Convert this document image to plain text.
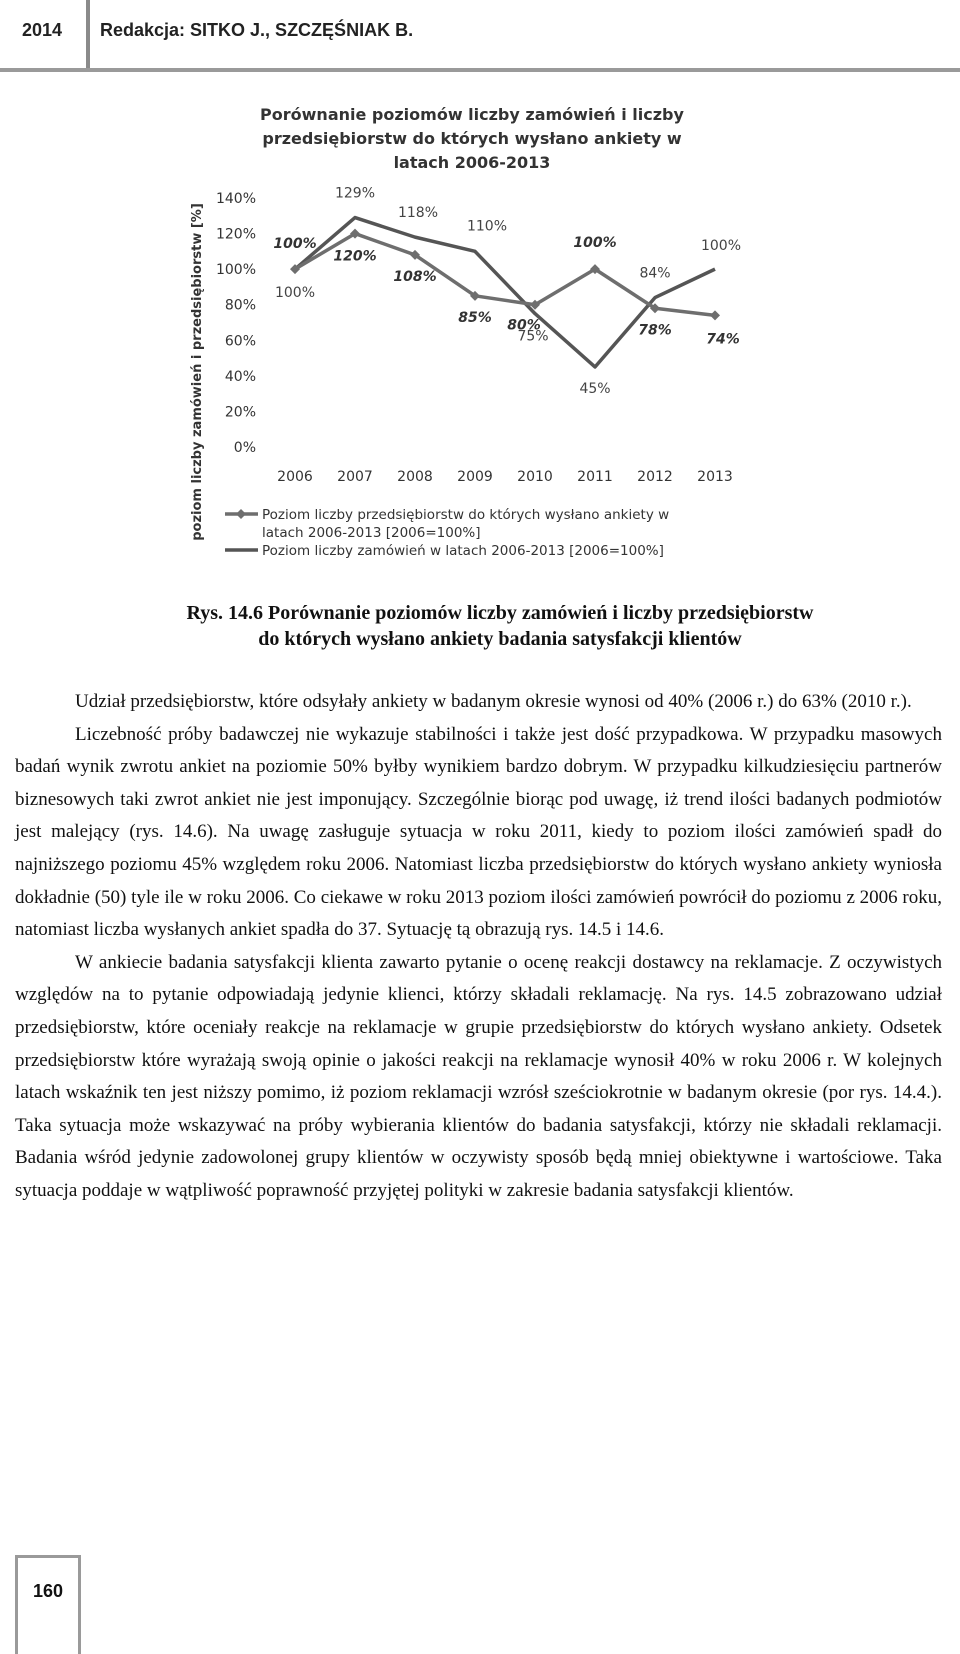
2014 Redakcja: SITKO J., SZCZĘŚNIAK B.
Porównanie poziomów liczby zamówień i liczby
przedsiębiorstw do których wysłano ankiety w
latach 2006-2013
poziom liczby zamówień i przedsiębiorstw [%] 0%
20%
40%
60%
80%
100%
120%
140%
2006 2007 2008 2009 2010 2011 2012 2013
100%
120%
108%
85% 80%
100%
78%
74%
100%
129%
118%
110%
75%
45%
84%
100%
Poziom liczby przedsiębiorstw do których wysłano ankiety w
latach 2006-2013 [2006=100%]
Poziom liczby zamówień w latach 2006-2013 [2006=100%]
Rys. 14.6 Porównanie poziomów liczby zamówień i liczby przedsiębiorstw
do których wysłano ankiety badania satysfakcji klientów

Udział przedsiębiorstw, które odsyłały ankiety w badanym okresie wynosi od 40% (2006 r.) do 63% (2010 r.).

Liczebność próby badawczej nie wykazuje stabilności i także jest dość przypadkowa. W przypadku masowych badań wynik zwrotu ankiet na poziomie 50% byłby wynikiem bardzo dobrym. W przypadku kilkudziesięciu partnerów biznesowych taki zwrot ankiet nie jest imponujący. Szczególnie biorąc pod uwagę, iż trend ilości badanych podmiotów jest malejący (rys. 14.6). Na uwagę zasługuje sytuacja w roku 2011, kiedy to poziom ilości zamówień spadł do najniższego poziomu 45% względem roku 2006. Natomiast liczba przedsiębiorstw do których wysłano ankiety wyniosła dokładnie (50) tyle ile w roku 2006. Co ciekawe w roku 2013 poziom ilości zamówień powrócił do poziomu z 2006 roku, natomiast liczba wysłanych ankiet spadła do 37. Sytuację tą obrazują rys. 14.5 i 14.6.

W ankiecie badania satysfakcji klienta zawarto pytanie o ocenę reakcji dostawcy na reklamacje. Z oczywistych względów na to pytanie odpowiadają jedynie klienci, którzy składali reklamację. Na rys. 14.5 zobrazowano udział przedsiębiorstw, które oceniały reakcje na reklamacje w grupie przedsiębiorstw do których wysłano ankiety. Odsetek przedsiębiorstw które wyrażają swoją opinie o jakości reakcji na reklamacje wynosił 40% w roku 2006 r. W kolejnych latach wskaźnik ten jest niższy pomimo, iż poziom reklamacji wzrósł sześciokrotnie w badanym okresie (por rys. 14.4.). Taka sytuacja może wskazywać na próby wybierania klientów do badania satysfakcji, którzy nie składali reklamacji. Badania wśród jedynie zadowolonej grupy klientów w oczywisty sposób będą mniej obiektywne i wartościowe. Taka sytuacja poddaje w wątpliwość poprawność przyjętej polityki w zakresie badania satysfakcji klientów.

160
